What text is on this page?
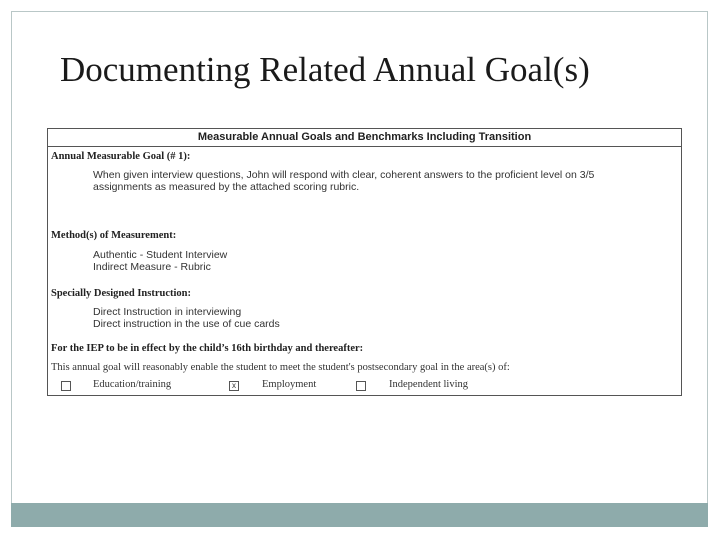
Documenting Related Annual Goal(s)
Measurable Annual Goals and Benchmarks Including Transition
Annual Measurable Goal (# 1):
When given interview questions, John will respond with clear, coherent answers to the proficient level on 3/5
assignments as measured by the attached scoring rubric.
Method(s) of Measurement:
Authentic - Student Interview
Indirect Measure - Rubric
Specially Designed Instruction:
Direct Instruction in interviewing
Direct instruction in the use of cue cards
For the IEP to be in effect by the child’s 16th birthday and thereafter:
This annual goal will reasonably enable the student to meet the student's postsecondary goal in the area(s) of:
Education/training	x Employment	Independent living
